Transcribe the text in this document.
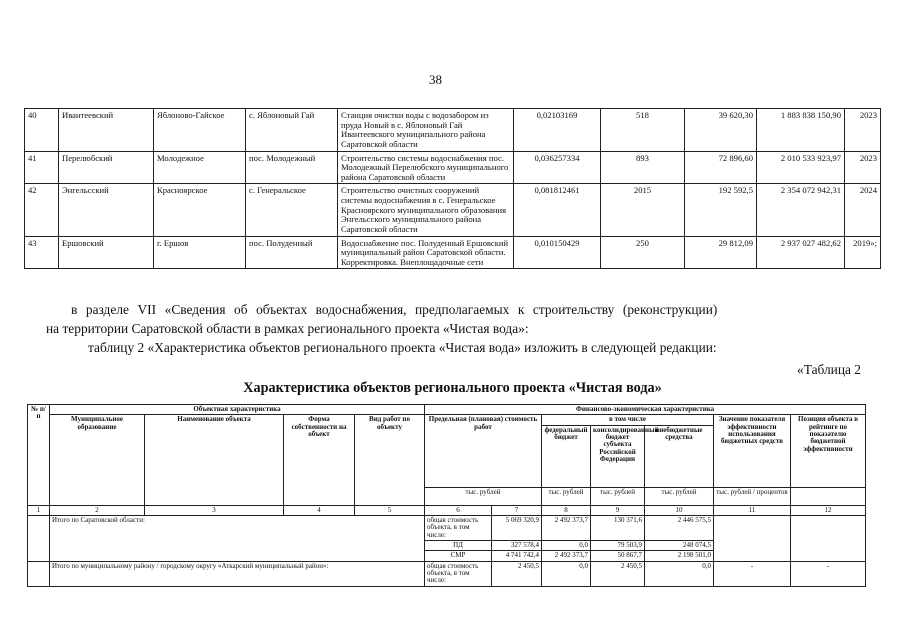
38
40	Ивантеевский	Яблоново-Гайское	с. Яблоновый Гай	Станция очистки воды с водозабором из пруда Новый в с. Яблоновый Гай Ивантеевского муниципального района Саратовской области	0,02103169	518	39 620,30	1 883 838 150,90	2023
41	Перелюбский	Молодежное	пос. Молодежный	Строительство системы водоснабжения пос. Молодежный Перелюбского муниципального района Саратовской области	0,036257334	893	72 896,60	2 010 533 923,97	2023
42	Энгельсский	Красноярское	с. Генеральское	Строительство очистных сооружений системы водоснабжения в с. Генеральское Красноярского муниципального образования Энгельсского муниципального района Саратовской области	0,081812461	2015	192 592,5	2 354 072 942,31	2024
43	Ершовский	г. Ершов	пос. Полуденный	Водоснабжение пос. Полуденный Ершовский муниципальный район Саратовской области. Корректировка. Внеплощадочные сети	0,010150429	250	29 812,09	2 937 027 482,62	2019»;
в разделе VII «Сведения об объектах водоснабжения, предполагаемых к строительству (реконструкции)
на территории Саратовской области в рамках регионального проекта «Чистая вода»:
таблицу 2 «Характеристика объектов регионального проекта «Чистая вода» изложить в следующей редакции:
«Таблица 2
Характеристика объектов регионального проекта «Чистая вода»
№ п/п	Объектная характеристика				Финансово-экономическая характеристика						
	Муниципальное образование	Наименование объекта	Форма собственности на объект	Вид работ по объекту	Предельная (плановая) стоимость работ		в том числе			Значение показателя эффективности использования бюджетных средств	Позиция объекта в рейтинге по показателю бюджетной эффективности
							федеральный бюджет	консолидированный бюджет субъекта Российской Федерации	внебюджетные средства		
					тыс. рублей		тыс. рублей	тыс. рублей	тыс. рублей	тыс. рублей / процентов	
1	2	3	4	5	6	7	8	9	10	11	12
	Итого по Саратовской области:				общая стоимость объекта, в том числе:	5 069 320,9	2 492 373,7	130 371,6	2 446 575,5		
					ПД	327 578,4	0,0	79 503,9	248 074,5		
					СМР	4 741 742,4	2 492 373,7	50 867,7	2 198 501,0		
	Итого по муниципальному району / городскому округу «Аткарский муниципальный район»:				общая стоимость объекта, в том числе:	2 450,5	0,0	2 450,5	0,0	-	-
